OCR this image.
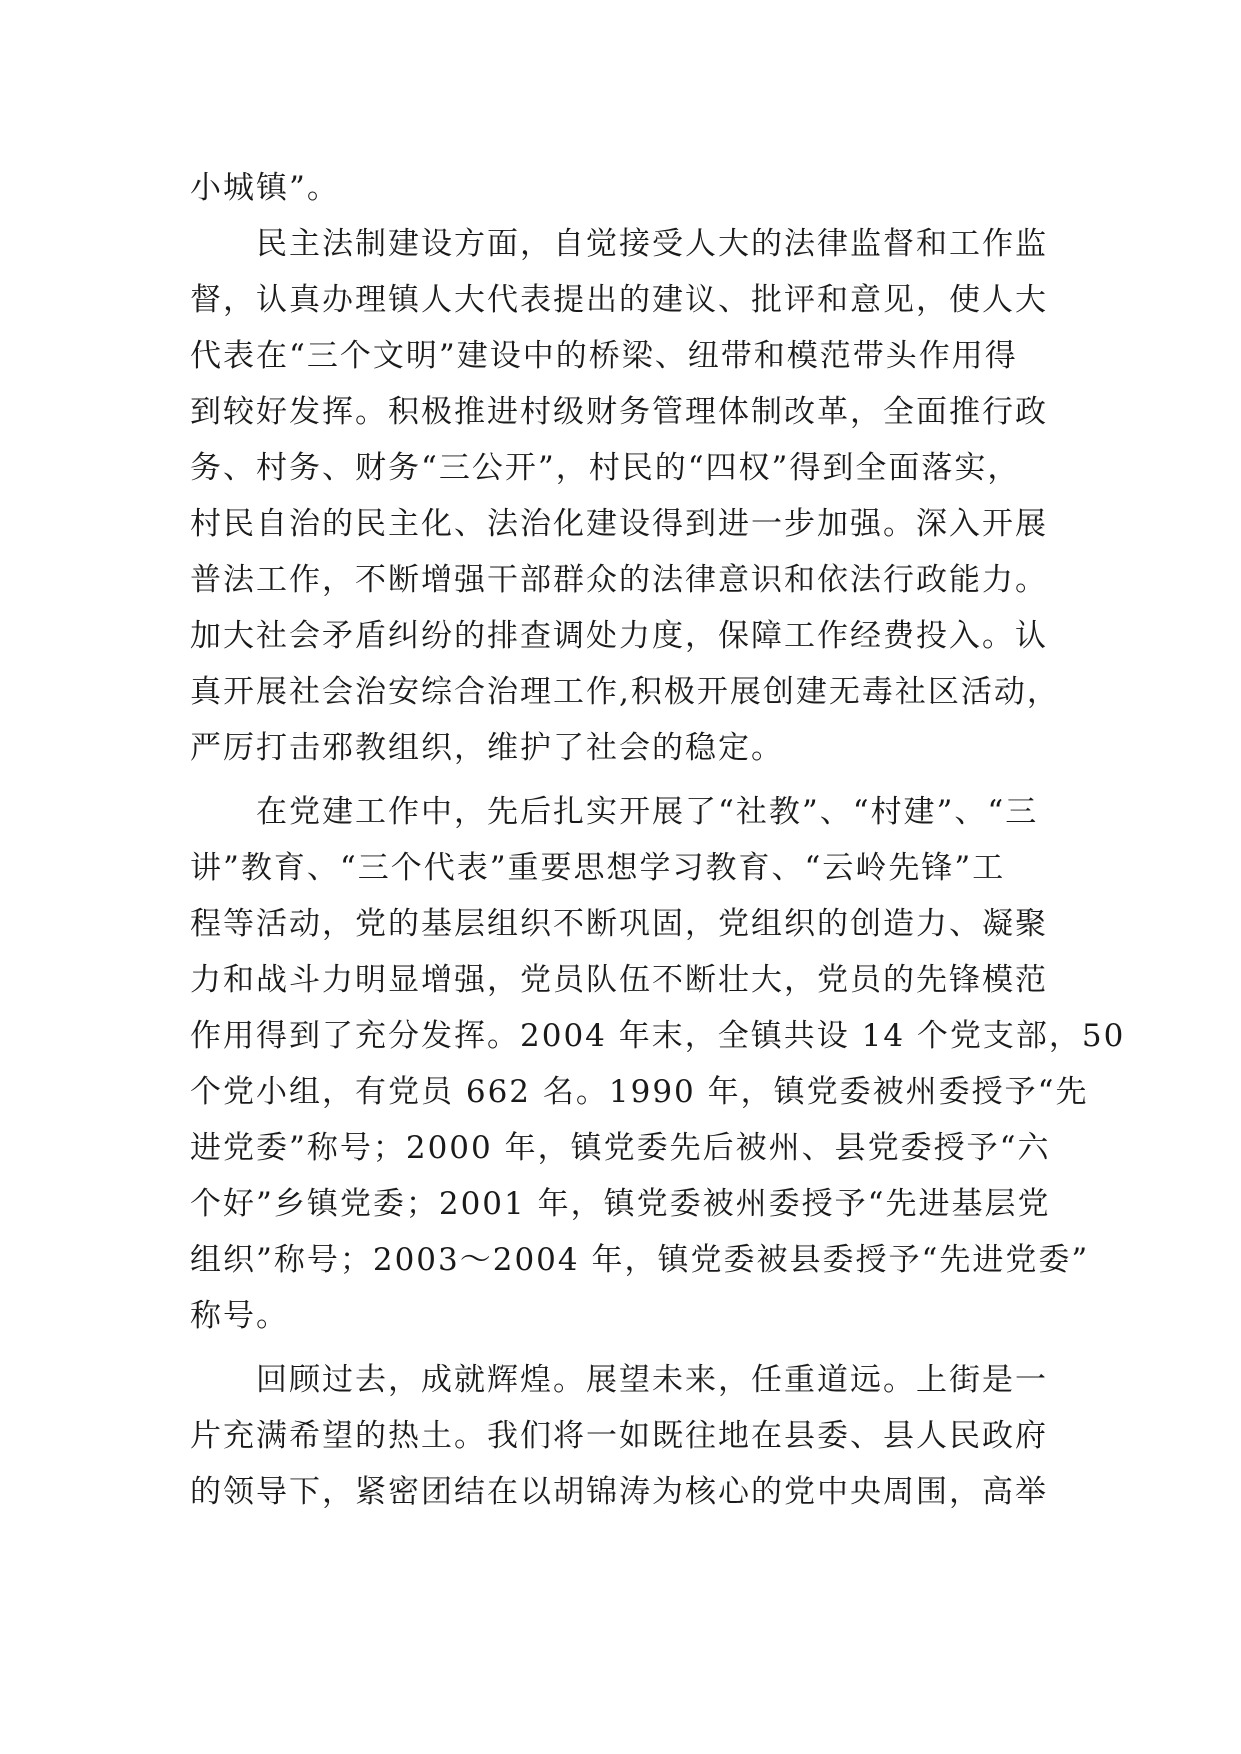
小城镇”。
民主法制建设方面，自觉接受人大的法律监督和工作监
督，认真办理镇人大代表提出的建议、批评和意见，使人大
代表在“三个文明”建设中的桥梁、纽带和模范带头作用得
到较好发挥。积极推进村级财务管理体制改革，全面推行政
务、村务、财务“三公开”，村民的“四权”得到全面落实，
村民自治的民主化、法治化建设得到进一步加强。深入开展
普法工作，不断增强干部群众的法律意识和依法行政能力。
加大社会矛盾纠纷的排查调处力度，保障工作经费投入。认
真开展社会治安综合治理工作,积极开展创建无毒社区活动，
严厉打击邪教组织，维护了社会的稳定。
在党建工作中，先后扎实开展了“社教”、“村建”、“三
讲”教育、“三个代表”重要思想学习教育、“云岭先锋”工
程等活动，党的基层组织不断巩固，党组织的创造力、凝聚
力和战斗力明显增强，党员队伍不断壮大，党员的先锋模范
作用得到了充分发挥。2004 年末，全镇共设 14 个党支部，50
个党小组，有党员 662 名。1990 年，镇党委被州委授予“先
进党委”称号；2000 年，镇党委先后被州、县党委授予“六
个好”乡镇党委；2001 年，镇党委被州委授予“先进基层党
组织”称号；2003～2004 年，镇党委被县委授予“先进党委”
称号。
回顾过去，成就辉煌。展望未来，任重道远。上街是一
片充满希望的热土。我们将一如既往地在县委、县人民政府
的领导下，紧密团结在以胡锦涛为核心的党中央周围，高举
